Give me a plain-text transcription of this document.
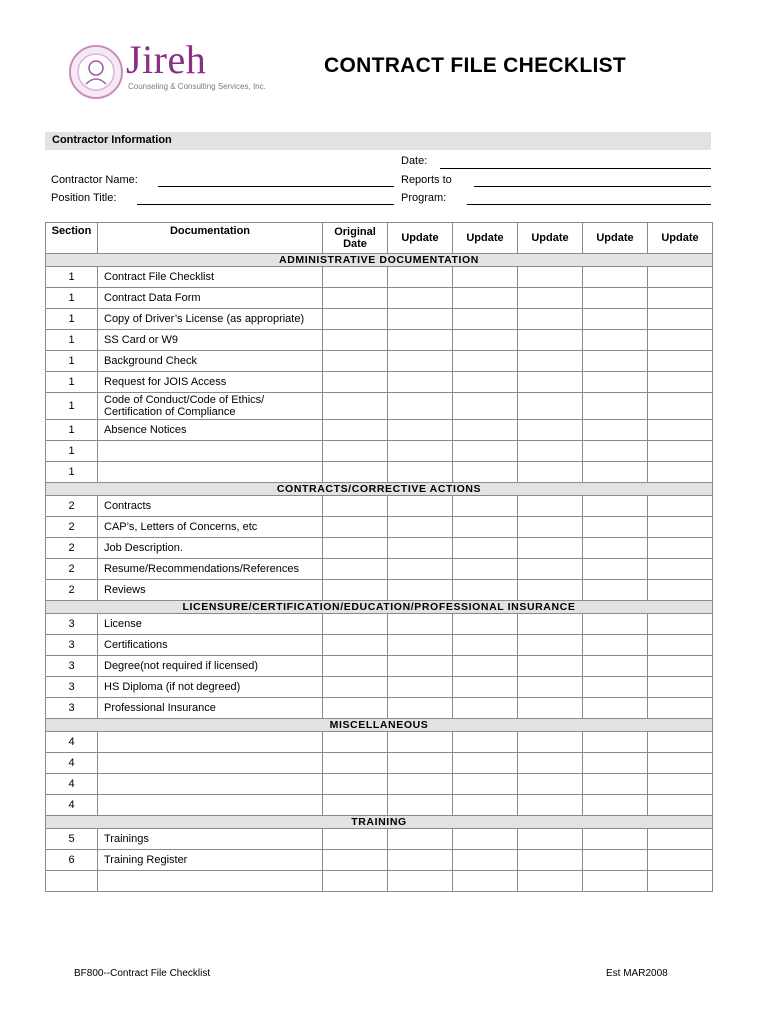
Jireh
Counseling & Consulting Services, Inc.
CONTRACT FILE CHECKLIST
Contractor Information
Date:
Contractor Name:	Reports to
Position Title:	Program:
Section	Documentation	Original Date	Update	Update	Update	Update	Update
ADMINISTRATIVE DOCUMENTATION							
1	Contract File Checklist						
1	Contract Data Form						
1	Copy of Driver’s License (as appropriate)						
1	SS Card or W9						
1	Background Check						
1	Request for JOIS Access						
1	Code of Conduct/Code of Ethics/ Certification of Compliance						
1	Absence Notices						
1							
1							
CONTRACTS/CORRECTIVE ACTIONS							
2	Contracts						
2	CAP’s, Letters of Concerns, etc						
2	Job Description.						
2	Resume/Recommendations/References						
2	Reviews						
LICENSURE/CERTIFICATION/EDUCATION/PROFESSIONAL INSURANCE							
3	License						
3	Certifications						
3	Degree(not required if licensed)						
3	HS Diploma (if not degreed)						
3	Professional Insurance						
MISCELLANEOUS							
4							
4							
4							
4							
TRAINING							
5	Trainings						
6	Training Register						

BF800--Contract File Checklist	Est MAR2008
